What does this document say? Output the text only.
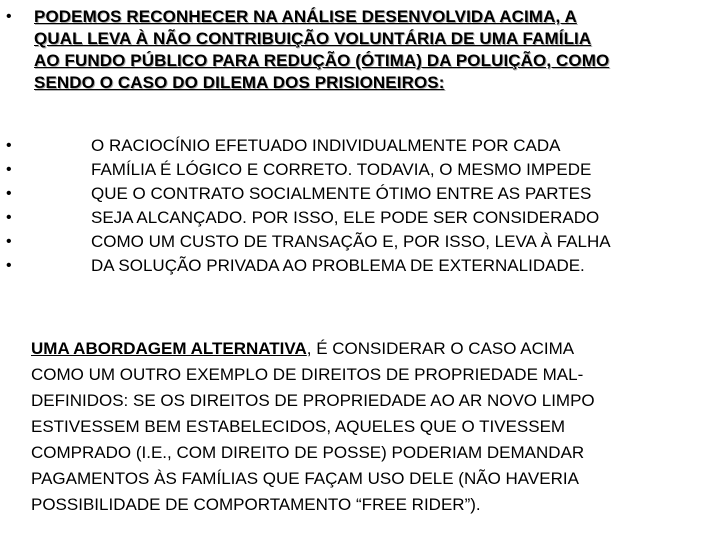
• PODEMOS RECONHECER NA ANÁLISE DESENVOLVIDA ACIMA, A
QUAL LEVA À NÃO CONTRIBUIÇÃO VOLUNTÁRIA DE UMA FAMÍLIA
AO FUNDO PÚBLICO PARA REDUÇÃO (ÓTIMA) DA POLUIÇÃO, COMO
SENDO O CASO DO DILEMA DOS PRISIONEIROS:
•
•
•
•
•
•
O RACIOCÍNIO EFETUADO INDIVIDUALMENTE POR CADA
FAMÍLIA É LÓGICO E CORRETO. TODAVIA, O MESMO IMPEDE
QUE O CONTRATO SOCIALMENTE ÓTIMO ENTRE AS PARTES
SEJA ALCANÇADO. POR ISSO, ELE PODE SER CONSIDERADO
COMO UM CUSTO DE TRANSAÇÃO E, POR ISSO, LEVA À FALHA
DA SOLUÇÃO PRIVADA AO PROBLEMA DE EXTERNALIDADE.
UMA ABORDAGEM ALTERNATIVA, É CONSIDERAR O CASO ACIMA
COMO UM OUTRO EXEMPLO DE DIREITOS DE PROPRIEDADE MAL-
DEFINIDOS: SE OS DIREITOS DE PROPRIEDADE AO AR NOVO LIMPO
ESTIVESSEM BEM ESTABELECIDOS, AQUELES QUE O TIVESSEM
COMPRADO (I.E., COM DIREITO DE POSSE) PODERIAM DEMANDAR
PAGAMENTOS ÀS FAMÍLIAS QUE FAÇAM USO DELE (NÃO HAVERIA
POSSIBILIDADE DE COMPORTAMENTO “FREE RIDER”).
